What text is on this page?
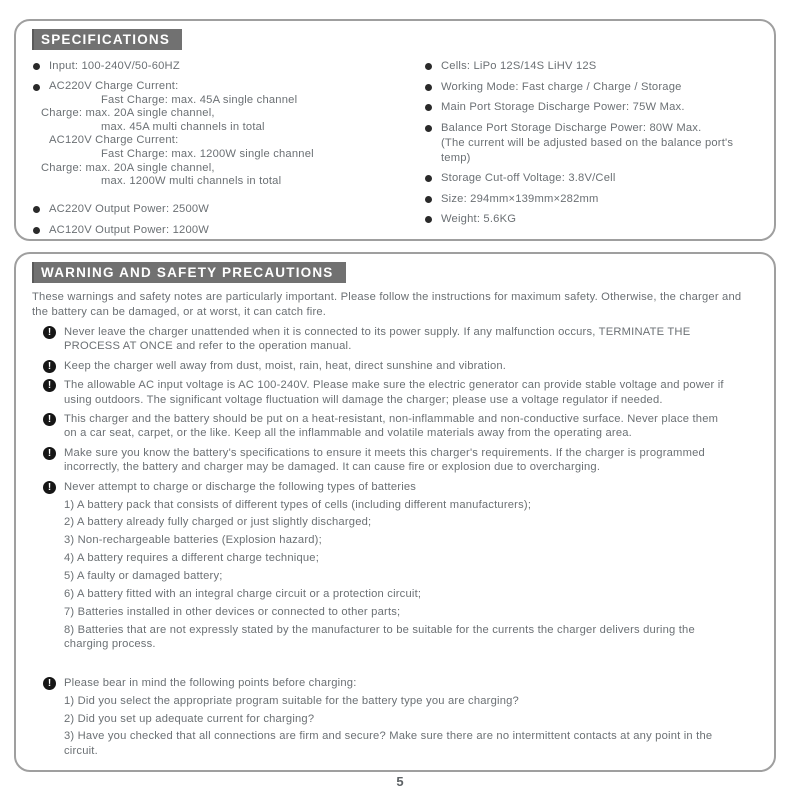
SPECIFICATIONS
Input: 100-240V/50-60HZ
AC220V Charge Current:
Fast Charge: max. 45A single channel
Charge: max. 20A single channel,
max. 45A multi channels in total
AC120V Charge Current:
Fast Charge: max. 1200W single channel
Charge: max. 20A single channel,
max. 1200W multi channels in total
AC220V Output Power: 2500W
AC120V Output Power: 1200W
Cells: LiPo 12S/14S LiHV 12S
Working Mode: Fast charge / Charge / Storage
Main Port Storage Discharge Power: 75W Max.
Balance Port Storage Discharge Power: 80W Max.
(The current will be adjusted based on the balance port's temp)
Storage Cut-off Voltage: 3.8V/Cell
Size: 294mm×139mm×282mm
Weight: 5.6KG
WARNING AND SAFETY PRECAUTIONS

These warnings and safety notes are particularly important. Please follow the instructions for maximum safety. Otherwise, the charger and the battery can be damaged, or at worst, it can catch fire.

!	Never leave the charger unattended when it is connected to its power supply. If any malfunction occurs, TERMINATE THE PROCESS AT ONCE and refer to the operation manual.
!	Keep the charger well away from dust, moist, rain, heat, direct sunshine and vibration.
!	The allowable AC input voltage is AC 100-240V. Please make sure the electric generator can provide stable voltage and power if using outdoors. The significant voltage fluctuation will damage the charger; please use a voltage regulator if needed.
!	This charger and the battery should be put on a heat-resistant, non-inflammable and non-conductive surface. Never place them on a car seat, carpet, or the like. Keep all the inflammable and volatile materials away from the operating area.
!	Make sure you know the battery's specifications to ensure it meets this charger's requirements. If the charger is programmed incorrectly, the battery and charger may be damaged. It can cause fire or explosion due to overcharging.
!	Never attempt to charge or discharge the following types of batteries
1) A battery pack that consists of different types of cells (including different manufacturers);
2) A battery already fully charged or just slightly discharged;
3) Non-rechargeable batteries (Explosion hazard);
4) A battery requires a different charge technique;
5) A faulty or damaged battery;
6) A battery fitted with an integral charge circuit or a protection circuit;
7) Batteries installed in other devices or connected to other parts;
8) Batteries that are not expressly stated by the manufacturer to be suitable for the currents the charger delivers during the charging process.
!	Please bear in mind the following points before charging:
1) Did you select the appropriate program suitable for the battery type you are charging?
2) Did you set up adequate current for charging?
3) Have you checked that all connections are firm and secure? Make sure there are no intermittent contacts at any point in the circuit.
5
